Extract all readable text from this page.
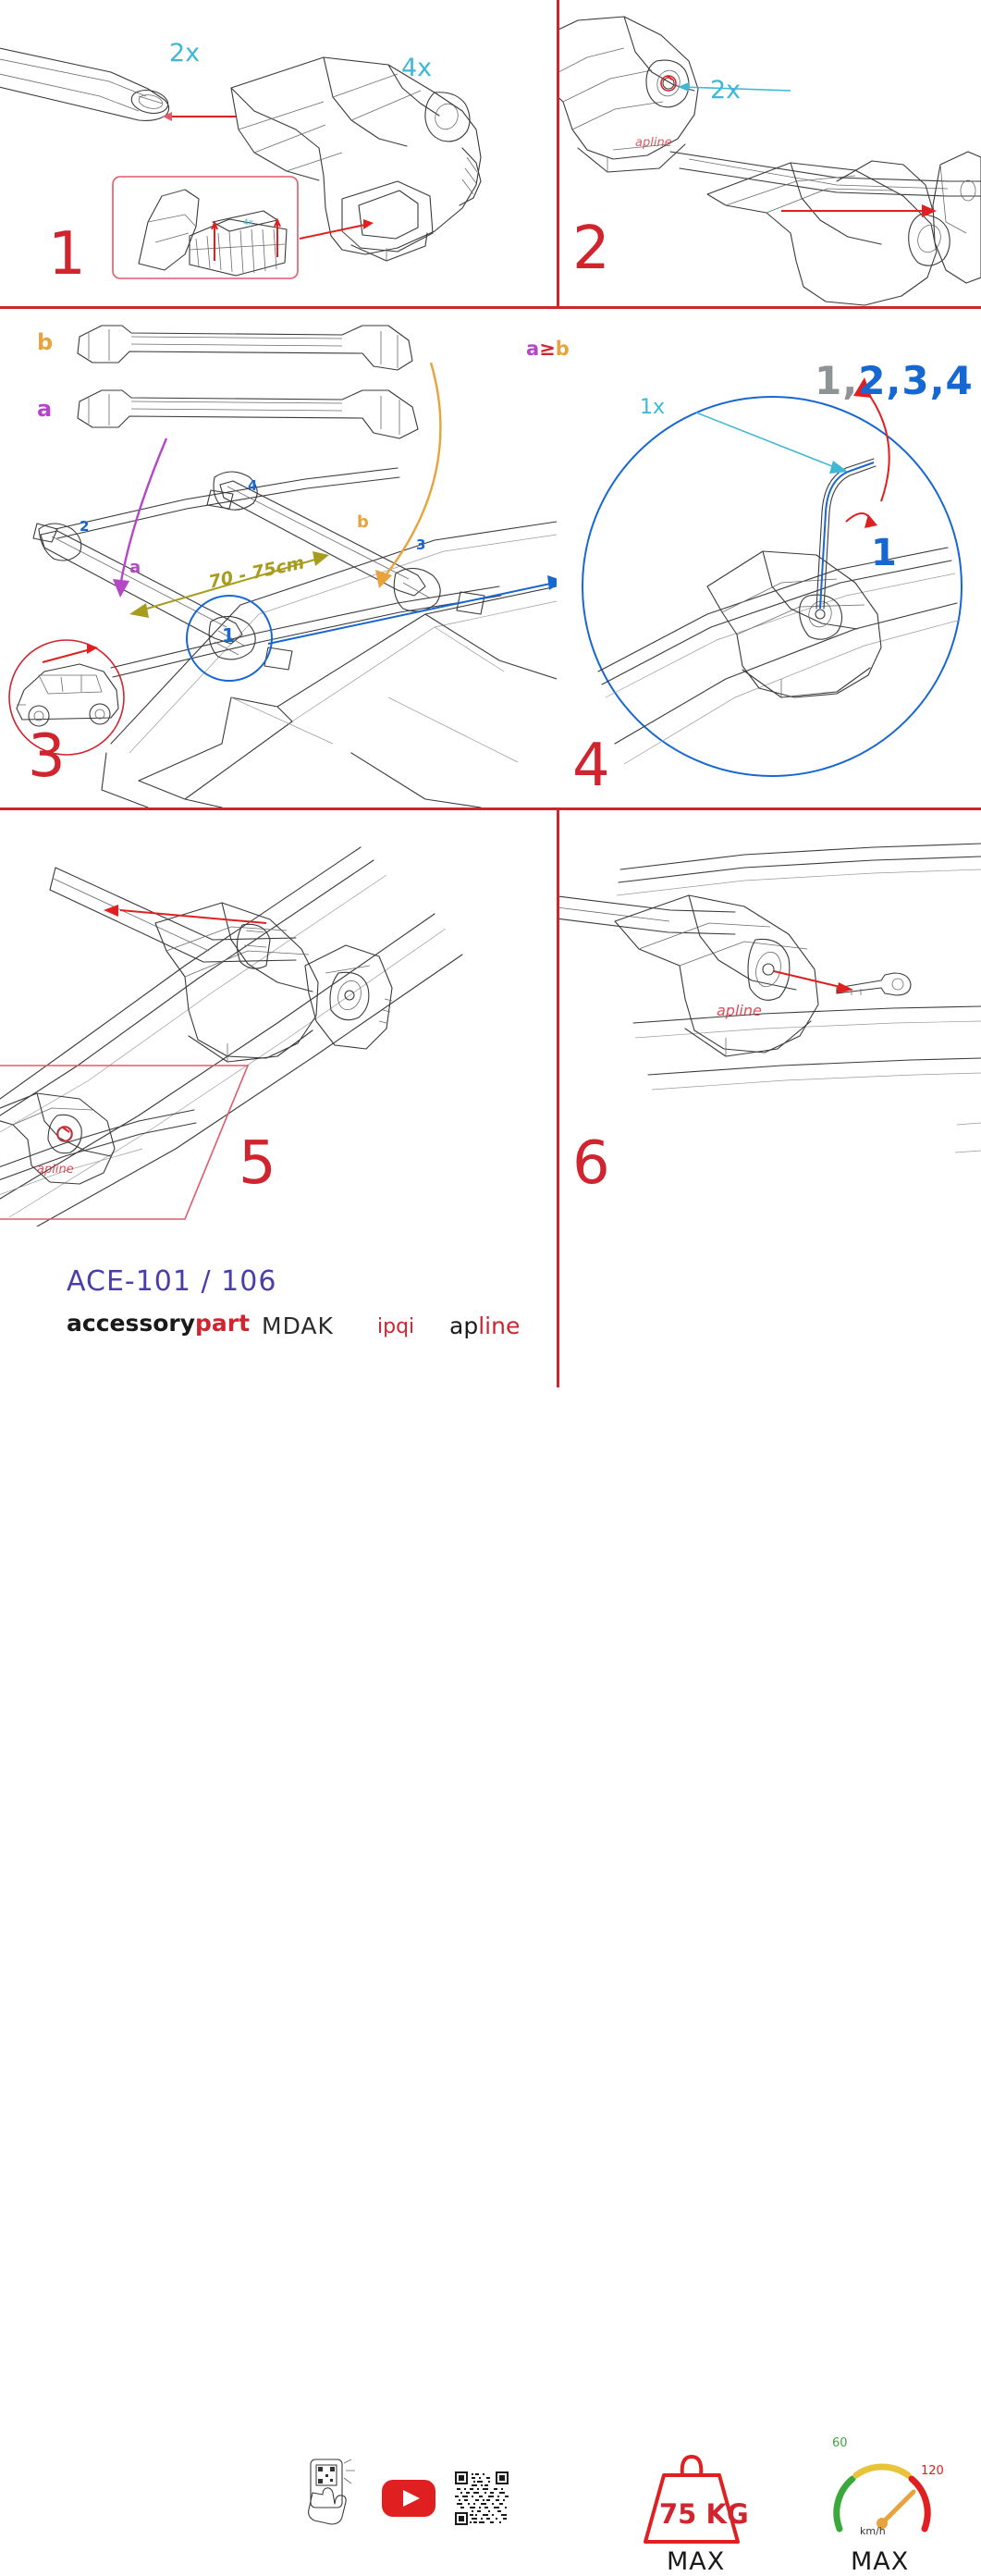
4x
2x
4x
1
apline
2x
2
b
a
a
b
70 - 75cm
1
2
3
4
3
a≥b
1x
1,2,3,4
1
4
apline	5
apline
6
60
120
km/h
75 KG
MAX	MAX
ACE-101 / 106
accessorypart MDAK ipqi apline
